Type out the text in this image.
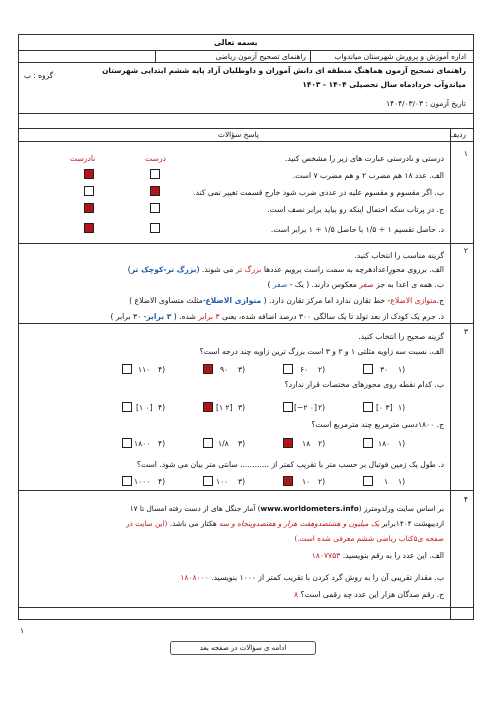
بسمه تعالی
اداره آموزش و پرورش شهرستان میاندواب
راهنمای تصحیح آزمون ریاضی
راهنمای تصحیح آزمون هماهنگ منطقه ای دانش آموزان و داوطلبان آزاد پایه ششم ابتدایی شهرستان
میاندوآب خردادماه سال تحصیلی ۱۴۰۴ - ۱۴۰۳
گروه : ب
تاریخ آزمون : ۱۴۰۴/۰۳/۰۳
ردیف
پاسخ سؤالات
۱
درستی و نادرستی عبارت های زیر را مشخص کنید.
درست
نادرست
الف. عدد ۱۸ هم مضرب ۲ و هم مضرب ۷ است.
ب. اگر مقسوم و مقسوم علیه در عددی ضرب شود خارج قسمت تغییر نمی کند.
ج. در پرتاب سکه احتمال اینکه رو بیاید برابر نصف است.
د. حاصل تقسیم ۱ ÷ ۱/۵ با حاصل ۱/۵ ÷ ۱ برابر است.
۲
گزینه مناسب را انتخاب کنید.
الف. برروی محورِاعدادهرچه به سمت راست برویم عددها بزرگ تر می شوند. (بزرگ تر-کوچک تر)
ب. همه ی اعدا به جز صفر معکوس دارند. ( یک - صفر )
ج.متوازی الاضلاع- خط تقارن ندارد اما مرکز تقارن دارد. ( متوازی الاضلاع-مثلث متساوی الاضلاع )
د. جرم یک کودک از بعد تولد تا یک سالگی ۳۰۰ درصد اضافه شده، یعنی ۳ برابر شده. ( ۳ برابر- ۳۰ برابر )
۳
گزینه صحیح را انتخاب کنید.
الف. نسبت سه زاویه مثلثی ۱ و ۲ و ۳ است بزرگ ترین زاویه چند درجه است؟
ب. کدام نقطه روی محورهای مختصات قرار ندارد؟
ج. ۱۸۰۰دسی مترمربع چند مترمربع است؟
د. طول یک زمین فوتبال بر حسب متر با تقریب کمتر از ............ سانتی متر بیان می شود. است؟
(۱
۳۰
(۲
۶۰
(۳
۹۰
(۴
۱۱۰
(۱
[۳ ۰]
(۲
[۰ ۲−]
(۳
[۲ ۱]
(۴
[۰ ۱]
(۱
۱۸۰
(۲
۱۸
(۳
۱/۸
(۴
۱۸۰۰
(۱
۱
(۲
۱۰
(۳
۱۰۰
(۴
۱۰۰۰
۴
بر اساس سایت ورلدومترز (www.worldometers.info) آمار جنگل های از دست رفته امسال تا ۱۷
اردیبهشت ۱۴۰۴برابر یک میلیون و هشتصدوهفت هزار و هفتصدوپنجاه و سه هکتار می باشد. (این سایت در
صفحه ی۵کتاب ریاضی ششم معرفی شده است.)
الف. این عدد را به رقم بنویسید. ۱۸۰۷۷۵۳
ب. مقدار تقریبی آن را به روش گرد کردن با تقریب کمتر از ۱۰۰۰ بنویسید. ۱۸۰۸۰۰۰
ج. رقم صدگان هزار این عدد چه رقمی است؟ ۸
۱
ادامه ی سؤالات در صفحه بعد
